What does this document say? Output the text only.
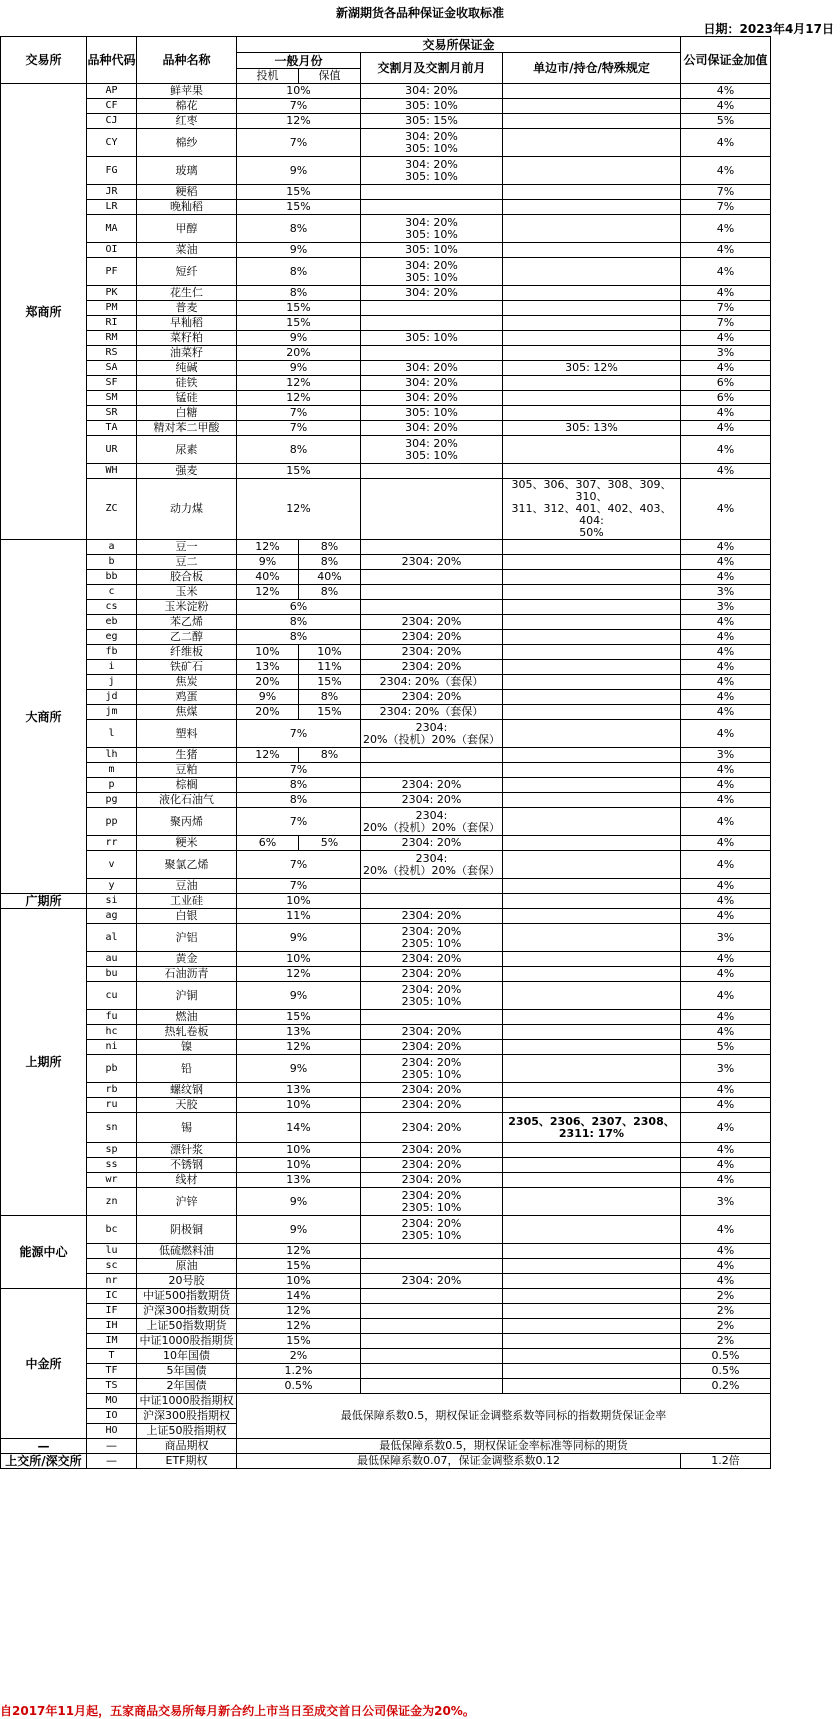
新湖期货各品种保证金收取标准
日期：2023年4月17日
交易所	品种代码	品种名称	交易所保证金				公司保证金加值
			一般月份		交割月及交割月前月	单边市/持仓/特殊规定	
			投机	保值			
郑商所	AP	鲜苹果	10%		304: 20%		4%
	CF	棉花	7%		305: 10%		4%
	CJ	红枣	12%		305: 15%		5%
	CY	棉纱	7%		304: 20%
305: 10%		4%
	FG	玻璃	9%		304: 20%
305: 10%		4%
	JR	粳稻	15%				7%
	LR	晚籼稻	15%				7%
	MA	甲醇	8%		304: 20%
305: 10%		4%
	OI	菜油	9%		305: 10%		4%
	PF	短纤	8%		304: 20%
305: 10%		4%
	PK	花生仁	8%		304: 20%		4%
	PM	普麦	15%				7%
	RI	早籼稻	15%				7%
	RM	菜籽粕	9%		305: 10%		4%
	RS	油菜籽	20%				3%
	SA	纯碱	9%		304: 20%	305: 12%	4%
	SF	硅铁	12%		304: 20%		6%
	SM	锰硅	12%		304: 20%		6%
	SR	白糖	7%		305: 10%		4%
	TA	精对苯二甲酸	7%		304: 20%	305: 13%	4%
	UR	尿素	8%		304: 20%
305: 10%		4%
	WH	强麦	15%				4%
	ZC	动力煤	12%			305、306、307、308、309、310、
311、312、401、402、403、404:
50%	4%
大商所	a	豆一	12%	8%			4%
	b	豆二	9%	8%	2304: 20%		4%
	bb	胶合板	40%	40%			4%
	c	玉米	12%	8%			3%
	cs	玉米淀粉	6%				3%
	eb	苯乙烯	8%		2304: 20%		4%
	eg	乙二醇	8%		2304: 20%		4%
	fb	纤维板	10%	10%	2304: 20%		4%
	i	铁矿石	13%	11%	2304: 20%		4%
	j	焦炭	20%	15%	2304: 20%（套保）		4%
	jd	鸡蛋	9%	8%	2304: 20%		4%
	jm	焦煤	20%	15%	2304: 20%（套保）		4%
	l	塑料	7%		2304:
20%（投机）20%（套保）		4%
	lh	生猪	12%	8%			3%
	m	豆粕	7%				4%
	p	棕榈	8%		2304: 20%		4%
	pg	液化石油气	8%		2304: 20%		4%
	pp	聚丙烯	7%		2304:
20%（投机）20%（套保）		4%
	rr	粳米	6%	5%	2304: 20%		4%
	v	聚氯乙烯	7%		2304:
20%（投机）20%（套保）		4%
	y	豆油	7%				4%
广期所	si	工业硅	10%				4%
上期所	ag	白银	11%		2304: 20%		4%
	al	沪铝	9%		2304: 20%
2305: 10%		3%
	au	黄金	10%		2304: 20%		4%
	bu	石油沥青	12%		2304: 20%		4%
	cu	沪铜	9%		2304: 20%
2305: 10%		4%
	fu	燃油	15%				4%
	hc	热轧卷板	13%		2304: 20%		4%
	ni	镍	12%		2304: 20%		5%
	pb	铅	9%		2304: 20%
2305: 10%		3%
	rb	螺纹钢	13%		2304: 20%		4%
	ru	天胶	10%		2304: 20%		4%
	sn	锡	14%		2304: 20%	2305、2306、2307、2308、
2311: 17%	4%
	sp	漂针浆	10%		2304: 20%		4%
	ss	不锈钢	10%		2304: 20%		4%
	wr	线材	13%		2304: 20%		4%
	zn	沪锌	9%		2304: 20%
2305: 10%		3%
能源中心	bc	阴极铜	9%		2304: 20%
2305: 10%		4%
	lu	低硫燃料油	12%				4%
	sc	原油	15%				4%
	nr	20号胶	10%		2304: 20%		4%
中金所	IC	中证500指数期货	14%				2%
	IF	沪深300指数期货	12%				2%
	IH	上证50指数期货	12%				2%
	IM	中证1000股指期货	15%				2%
	T	10年国债	2%				0.5%
	TF	5年国债	1.2%				0.5%
	TS	2年国债	0.5%				0.2%
	MO	中证1000股指期权	最低保障系数0.5，期权保证金调整系数等同标的指数期货保证金率				
	IO	沪深300股指期权					
	HO	上证50股指期权					
—	—	商品期权	最低保障系数0.5，期权保证金率标准等同标的期货				
上交所/深交所	—	ETF期权	最低保障系数0.07，保证金调整系数0.12				1.2倍
自2017年11月起，五家商品交易所每月新合约上市当日至成交首日公司保证金为20%。
